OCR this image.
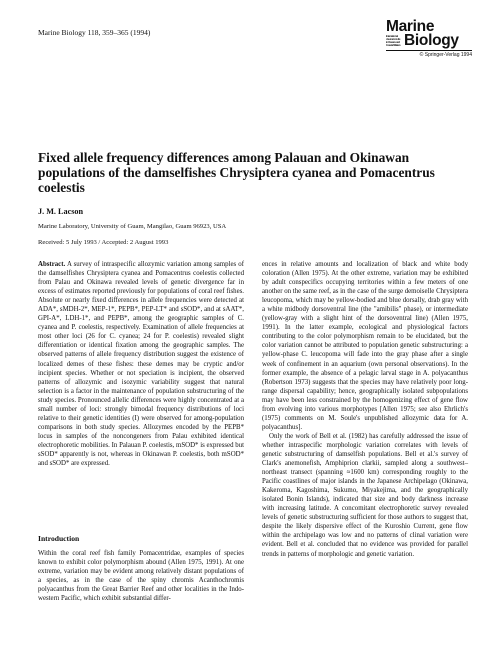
Marine Biology 118, 359–365 (1994)	Marine
International Journal on Life in Oceans and Coastal Waters Biology
© Springer-Verlag 1994
Fixed allele frequency differences among Palauan and Okinawan populations of the damselfishes Chrysiptera cyanea and Pomacentrus coelestis
J. M. Lacson
Marine Laboratory, University of Guam, Mangilao, Guam 96923, USA
Received: 5 July 1993 / Accepted: 2 August 1993

Abstract. A survey of intraspecific allozymic variation among samples of the damselfishes Chrysiptera cyanea and Pomacentrus coelestis collected from Palau and Okinawa revealed levels of genetic divergence far in excess of estimates reported previously for populations of coral reef fishes. Absolute or nearly fixed differences in allele frequencies were detected at ADA*, sMDH-2*, MEP-1*, PEPB*, PEP-LT* and sSOD*, and at sAAT*, GPI-A*, LDH-1*, and PEPB*, among the geographic samples of C. cyanea and P. coelestis, respectively. Examination of allele frequencies at most other loci (26 for C. cyanea; 24 for P. coelestis) revealed slight differentiation or identical fixation among the geographic samples. The observed patterns of allele frequency distribution suggest the existence of localized demes of these fishes: these demes may be cryptic and/or incipient species. Whether or not speciation is incipient, the observed patterns of allozymic and isozymic variability suggest that natural selection is a factor in the maintenance of population substructuring of the study species. Pronounced allelic differences were highly concentrated at a small number of loci: strongly bimodal frequency distributions of loci relative to their genetic identities (I) were observed for among-population comparisons in both study species. Allozymes encoded by the PEPB* locus in samples of the noncongeners from Palau exhibited identical electrophoretic mobilities. In Palauan P. coelestis, mSOD* is expressed but sSOD* apparently is not, whereas in Okinawan P. coelestis, both mSOD* and sSOD* are expressed.

Introduction

Within the coral reef fish family Pomacentridae, examples of species known to exhibit color polymorphism abound (Allen 1975, 1991). At one extreme, variation may be evident among relatively distant populations of a species, as in the case of the spiny chromis Acanthochromis polyacanthus from the Great Barrier Reef and other localities in the Indo-western Pacific, which exhibit substantial differ-

ences in relative amounts and localization of black and white body coloration (Allen 1975). At the other extreme, variation may be exhibited by adult conspecifics occupying territories within a few meters of one another on the same reef, as in the case of the surge demoiselle Chrysiptera leucopoma, which may be yellow-bodied and blue dorsally, drab gray with a white midbody dorsoventral line (the "amibilis" phase), or intermediate (yellow-gray with a slight hint of the dorsoventral line) (Allen 1975, 1991). In the latter example, ecological and physiological factors contributing to the color polymorphism remain to be elucidated, but the color variation cannot be attributed to population genetic substructuring: a yellow-phase C. leucopoma will fade into the gray phase after a single week of confinement in an aquarium (own personal observations). In the former example, the absence of a pelagic larval stage in A. polyacanthus (Robertson 1973) suggests that the species may have relatively poor long-range dispersal capability; hence, geographically isolated subpopulations may have been less constrained by the homogenizing effect of gene flow from evolving into various morphotypes [Allen 1975; see also Ehrlich's (1975) comments on M. Soule's unpublished allozymic data for A. polyacanthus].

Only the work of Bell et al. (1982) has carefully addressed the issue of whether intraspecific morphologic variation correlates with levels of genetic substructuring of damselfish populations. Bell et al.'s survey of Clark's anemonefish, Amphiprion clarkii, sampled along a southwest–northeast transect (spanning ≈1600 km) corresponding roughly to the Pacific coastlines of major islands in the Japanese Archipelago (Okinawa, Kakeroma, Kagoshima, Sukumo, Miyakejima, and the geographically isolated Bonin Islands), indicated that size and body darkness increase with increasing latitude. A concomitant electrophoretic survey revealed levels of genetic substructuring sufficient for those authors to suggest that, despite the likely dispersive effect of the Kuroshio Current, gene flow within the archipelago was low and no patterns of clinal variation were evident. Bell et al. concluded that no evidence was provided for parallel trends in patterns of morphologic and genetic variation.
